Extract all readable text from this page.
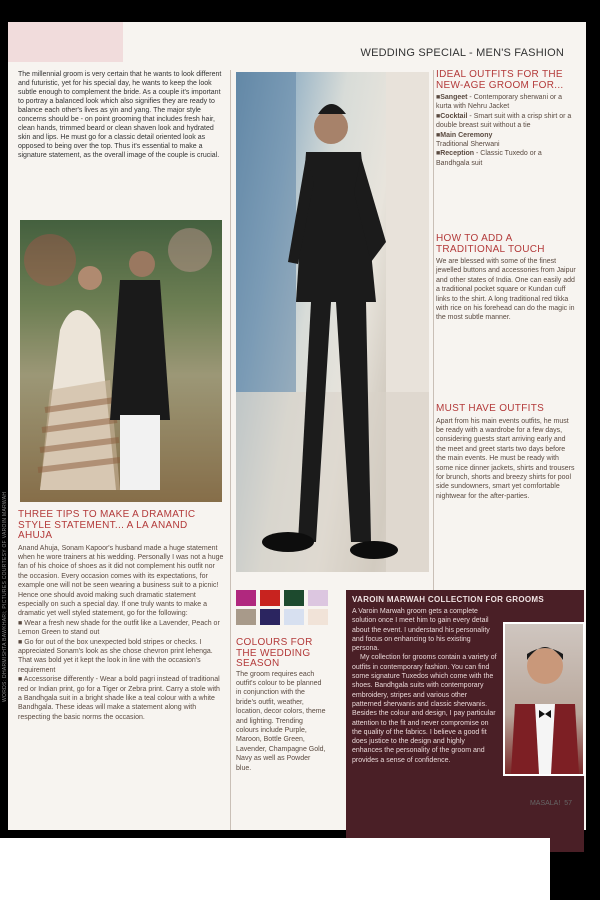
WEDDING SPECIAL - MEN'S FASHION
The millennial groom is very certain that he wants to look different and futuristic, yet for his special day, he wants to keep the look subtle enough to complement the bride. As a couple it's important to portray a balanced look which also signifies they are ready to balance each other's lives as yin and yang. The major style concerns should be - on point grooming that includes fresh hair, clean hands, trimmed beard or clean shaven look and hydrated skin and lips. He must go for a classic detail oriented look as opposed to being over the top. Thus it's essential to make a signature statement, as the overall image of the couple is crucial.
THREE TIPS TO MAKE A DRAMATIC STYLE STATEMENT... A LA ANAND AHUJA
Anand Ahuja, Sonam Kapoor's husband made a huge statement when he wore trainers at his wedding. Personally I was not a huge fan of his choice of shoes as it did not complement his outfit nor the occasion. Every occasion comes with its expectations, for example one will not be seen wearing a business suit to a picnic! Hence one should avoid making such dramatic statement especially on such a special day. If one truly wants to make a dramatic yet well styled statement, go for the following:
■ Wear a fresh new shade for the outfit like a Lavender, Peach or Lemon Green to stand out
■ Go for out of the box unexpected bold stripes or checks. I appreciated Sonam's look as she chose chevron print lehenga. That was bold yet it kept the look in line with the occasion's requirement
■ Accessorise differently - Wear a bold pagri instead of traditional red or Indian print, go for a Tiger or Zebra print. Carry a stole with a Bandhgala suit in a bright shade like a teal colour with a white Bandhgala. These ideas will make a statement along with respecting the basic norms the occasion.
WORDS: DHARMISHTA BAWKHARI; PICTURES COURTESY OF VAROIN MARWAH
IDEAL OUTFITS FOR THE NEW-AGE GROOM FOR...
■Sangeet - Contemporary sherwani or a kurta with Nehru Jacket
■Cocktail - Smart suit with a crisp shirt or a double breast suit without a tie
■Main Ceremony
Traditional Sherwani
■Reception - Classic Tuxedo or a Bandhgala suit
HOW TO ADD A TRADITIONAL TOUCH
We are blessed with some of the finest jewelled buttons and accessories from Jaipur and other states of India. One can easily add a traditional pocket square or Kundan cuff links to the shirt. A long traditional red tikka with rice on his forehead can do the magic in the most subtle manner.
MUST HAVE OUTFITS
Apart from his main events outfits, he must be ready with a wardrobe for a few days, considering guests start arriving early and the meet and greet starts two days before the main events. He must be ready with some nice dinner jackets, shirts and trousers for brunch, shorts and breezy shirts for pool side sundowners, smart yet comfortable nightwear for the after-parties.
COLOURS FOR THE WEDDING SEASON
The groom requires each outfit's colour to be planned in conjunction with the bride's outfit, weather, location, decor colors, theme and lighting. Trending colours include Purple, Maroon, Bottle Green, Lavender, Champagne Gold, Navy as well as Powder blue.
VAROIN MARWAH COLLECTION FOR GROOMS
A Varoin Marwah groom gets a complete solution once I meet him to gain every detail about the event. I understand his personality and focus on enhancing to his existing persona.
My collection for grooms contain a variety of outfits in contemporary fashion. You can find some signature Tuxedos which come with the shoes. Bandhgala suits with contemporary embroidery, stripes and various other patterned sherwanis and classic sherwanis. Besides the colour and design, I pay particular attention to the fit and never compromise on the quality of the fabrics. I believe a good fit does justice to the design and highly enhances the personality of the groom and provides a sense of confidence.
MASALA! 57
